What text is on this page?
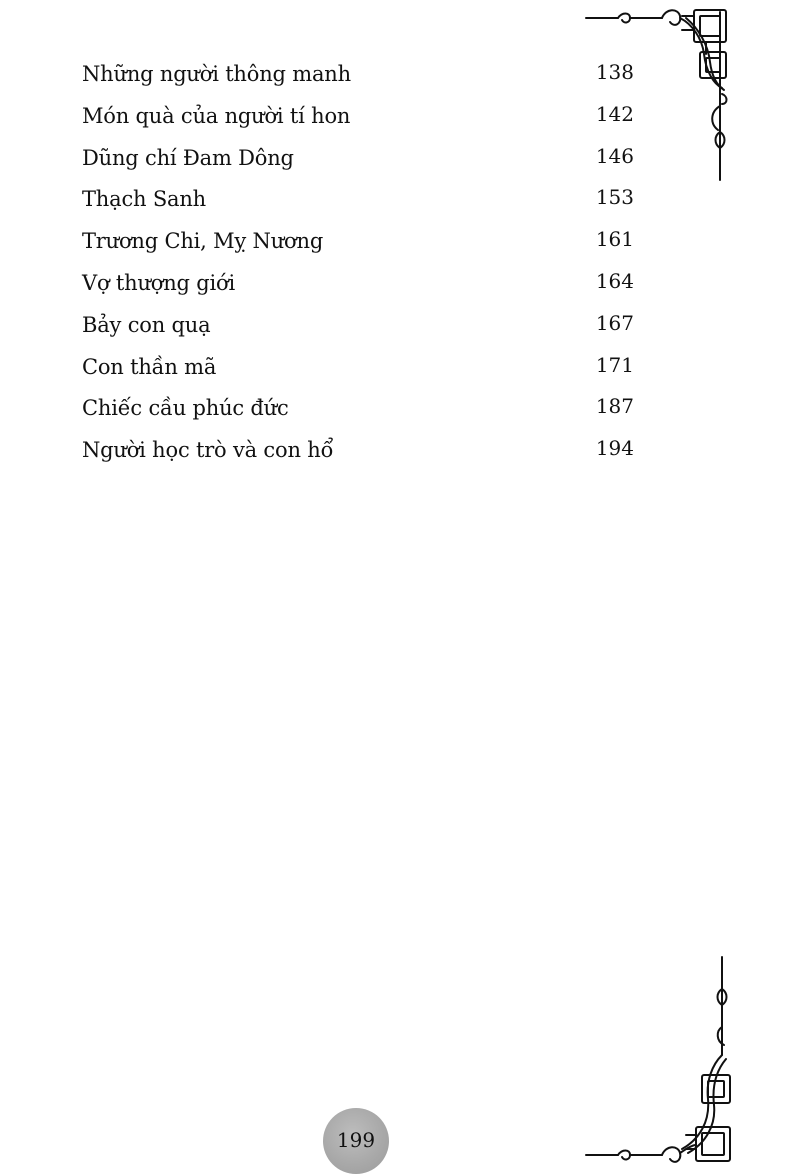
Những người thông manh	138
Món quà của người tí hon	142
Dũng chí Đam Dông	146
Thạch Sanh	153
Trương Chi, Mỵ Nương	161
Vợ thượng giới	164
Bảy con quạ	167
Con thần mã	171
Chiếc cầu phúc đức	187
Người học trò và con hổ	194
199
